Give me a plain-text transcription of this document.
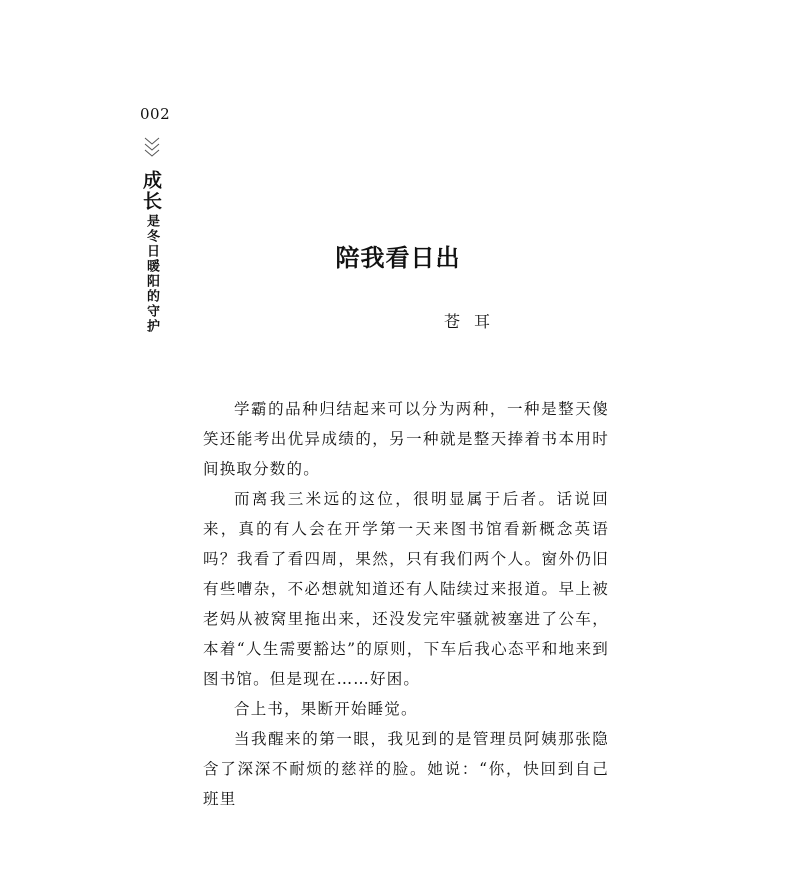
002
成长
是冬日暖阳的守护	陪我看日出
苍耳

学霸的品种归结起来可以分为两种，一种是整天傻笑还能考出优异成绩的，另一种就是整天捧着书本用时间换取分数的。

而离我三米远的这位，很明显属于后者。话说回来，真的有人会在开学第一天来图书馆看新概念英语吗？我看了看四周，果然，只有我们两个人。窗外仍旧有些嘈杂，不必想就知道还有人陆续过来报道。早上被老妈从被窝里拖出来，还没发完牢骚就被塞进了公车，本着“人生需要豁达”的原则，下车后我心态平和地来到图书馆。但是现在……好困。

合上书，果断开始睡觉。

当我醒来的第一眼，我见到的是管理员阿姨那张隐含了深深不耐烦的慈祥的脸。她说：“你，快回到自己班里
